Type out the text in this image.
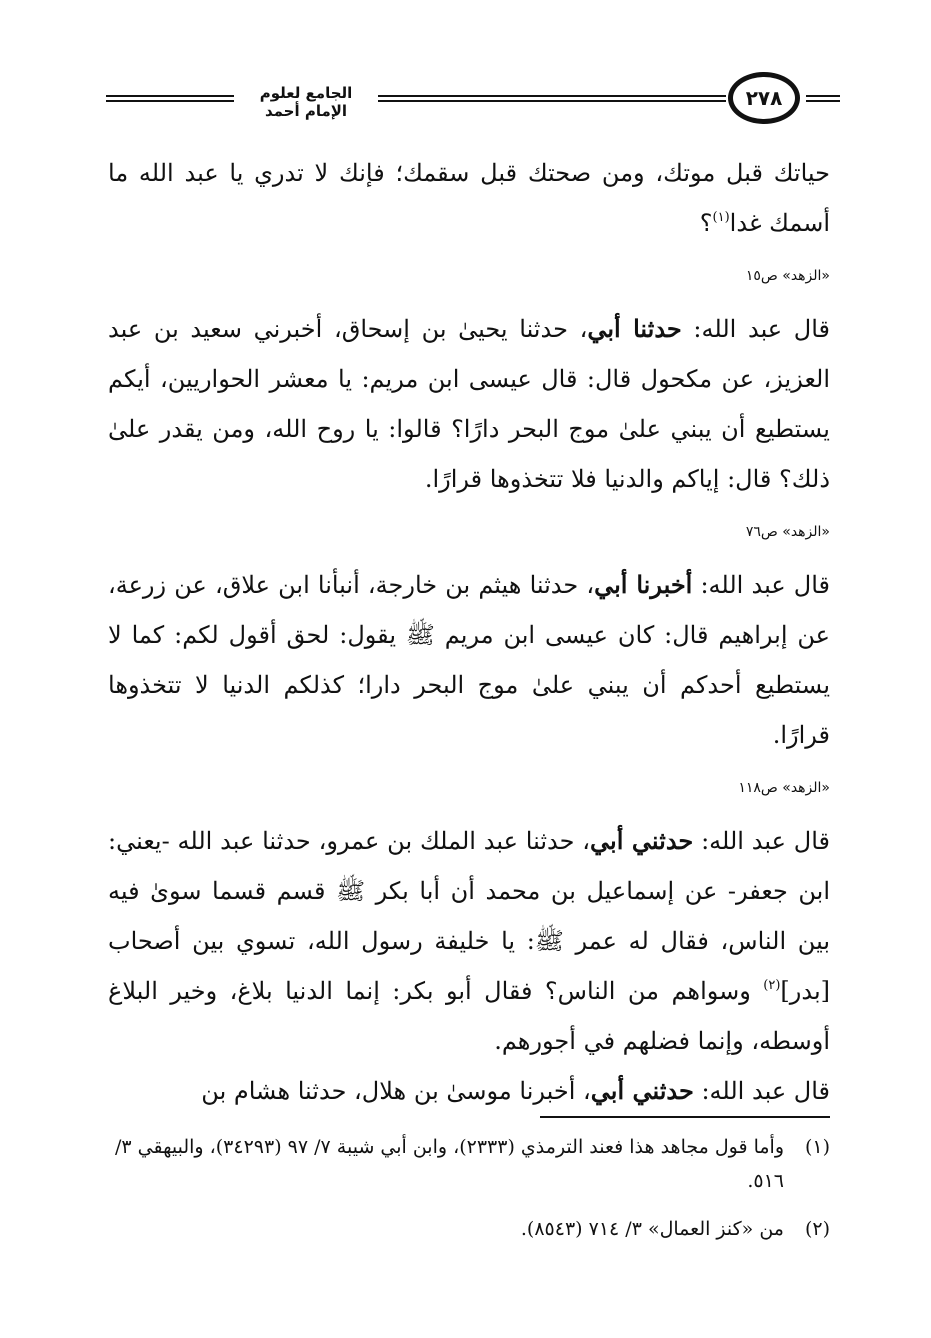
الجامع لعلوم الإمام أحمد
٢٧٨

حياتك قبل موتك، ومن صحتك قبل سقمك؛ فإنك لا تدري يا عبد الله ما أسمك غدا$^{(١)}$؟

«الزهد» ص١٥

قال عبد الله: حدثنا أبي، حدثنا يحيىٰ بن إسحاق، أخبرني سعيد بن عبد العزيز، عن مكحول قال: قال عيسى ابن مريم: يا معشر الحواريين، أيكم يستطيع أن يبني علىٰ موج البحر دارًا؟ قالوا: يا روح الله، ومن يقدر علىٰ ذلك؟ قال: إياكم والدنيا فلا تتخذوها قرارًا.

«الزهد» ص٧٦

قال عبد الله: أخبرنا أبي، حدثنا هيثم بن خارجة، أنبأنا ابن علاق، عن زرعة، عن إبراهيم قال: كان عيسى ابن مريم ﷺ يقول: لحق أقول لكم: كما لا يستطيع أحدكم أن يبني علىٰ موج البحر دارا؛ كذلكم الدنيا لا تتخذوها قرارًا.

«الزهد» ص١١٨

قال عبد الله: حدثني أبي، حدثنا عبد الملك بن عمرو، حدثنا عبد الله -يعني: ابن جعفر- عن إسماعيل بن محمد أن أبا بكر ﷺ قسم قسما سوىٰ فيه بين الناس، فقال له عمر ﷺ: يا خليفة رسول الله، تسوي بين أصحاب [بدر]$^{(٢)}$ وسواهم من الناس؟ فقال أبو بكر: إنما الدنيا بلاغ، وخير البلاغ أوسطه، وإنما فضلهم في أجورهم.

قال عبد الله: حدثني أبي، أخبرنا موسىٰ بن هلال، حدثنا هشام بن

(١)
وأما قول مجاهد هذا فعند الترمذي (٢٣٣٣)، وابن أبي شيبة ٧/ ٩٧ (٣٤٢٩٣)، والبيهقي ٣/ ٥١٦.
(٢)
من «كنز العمال» ٣/ ٧١٤ (٨٥٤٣).
